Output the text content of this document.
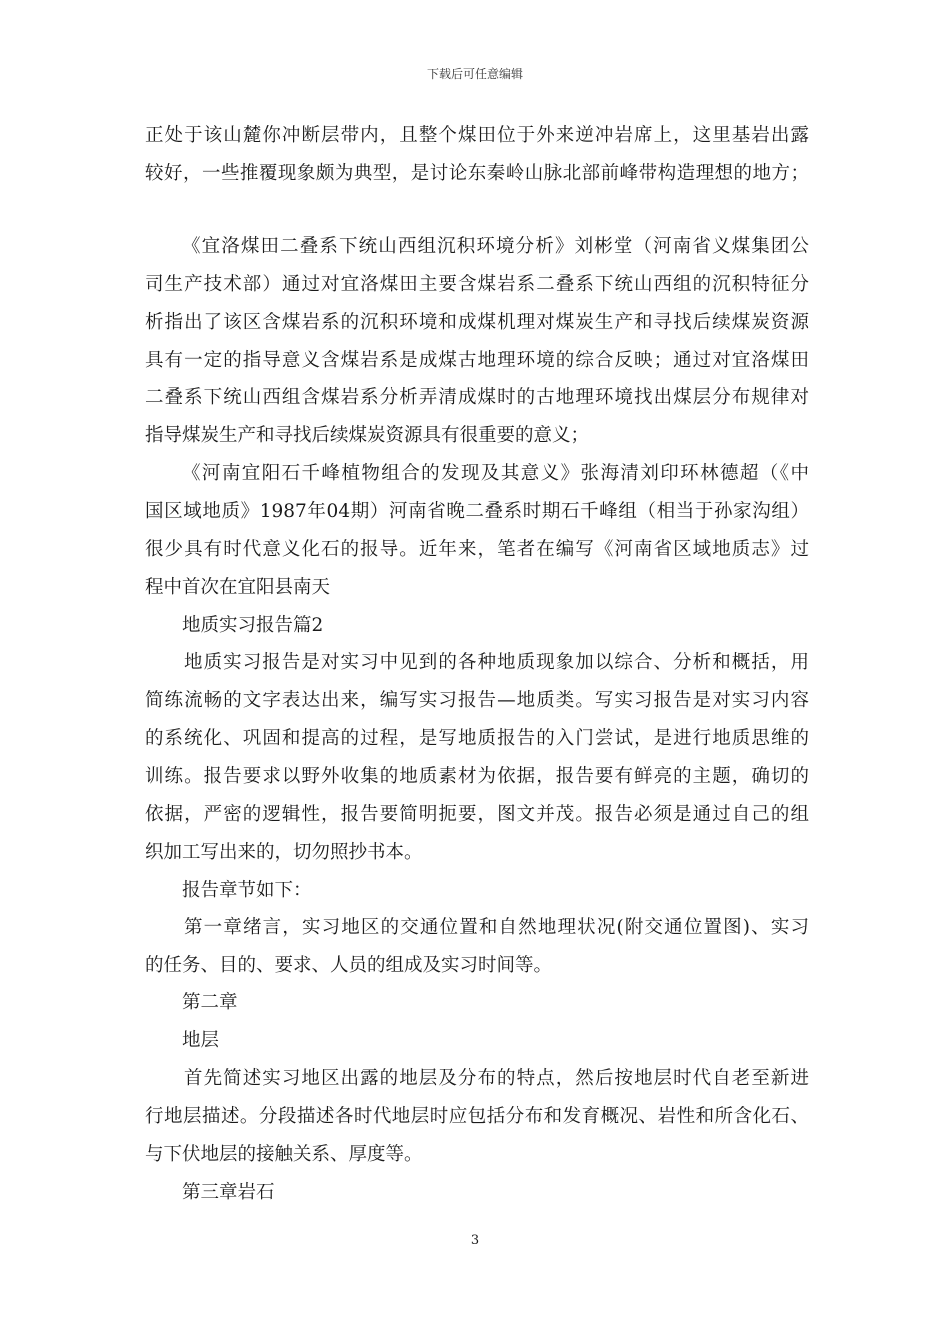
下载后可任意编辑
正处于该山麓你冲断层带内，且整个煤田位于外来逆冲岩席上，这里基岩出露
较好，一些推覆现象颇为典型，是讨论东秦岭山脉北部前峰带构造理想的地方；
《宜洛煤田二叠系下统山西组沉积环境分析》刘彬堂（河南省义煤集团公
司生产技术部）通过对宜洛煤田主要含煤岩系二叠系下统山西组的沉积特征分
析指出了该区含煤岩系的沉积环境和成煤机理对煤炭生产和寻找后续煤炭资源
具有一定的指导意义含煤岩系是成煤古地理环境的综合反映；通过对宜洛煤田
二叠系下统山西组含煤岩系分析弄清成煤时的古地理环境找出煤层分布规律对
指导煤炭生产和寻找后续煤炭资源具有很重要的意义；
《河南宜阳石千峰植物组合的发现及其意义》张海清刘印环林德超（《中
国区域地质》1987年04期）河南省晚二叠系时期石千峰组（相当于孙家沟组）
很少具有时代意义化石的报导。近年来，笔者在编写《河南省区域地质志》过
程中首次在宜阳县南天
地质实习报告篇2
地质实习报告是对实习中见到的各种地质现象加以综合、分析和概括，用
简练流畅的文字表达出来，编写实习报告—地质类。写实习报告是对实习内容
的系统化、巩固和提高的过程，是写地质报告的入门尝试，是进行地质思维的
训练。报告要求以野外收集的地质素材为依据，报告要有鲜亮的主题，确切的
依据，严密的逻辑性，报告要简明扼要，图文并茂。报告必须是通过自己的组
织加工写出来的，切勿照抄书本。
报告章节如下：
第一章绪言，实习地区的交通位置和自然地理状况(附交通位置图)、实习
的任务、目的、要求、人员的组成及实习时间等。
第二章
地层
首先简述实习地区出露的地层及分布的特点，然后按地层时代自老至新进
行地层描述。分段描述各时代地层时应包括分布和发育概况、岩性和所含化石、
与下伏地层的接触关系、厚度等。
第三章岩石
3
